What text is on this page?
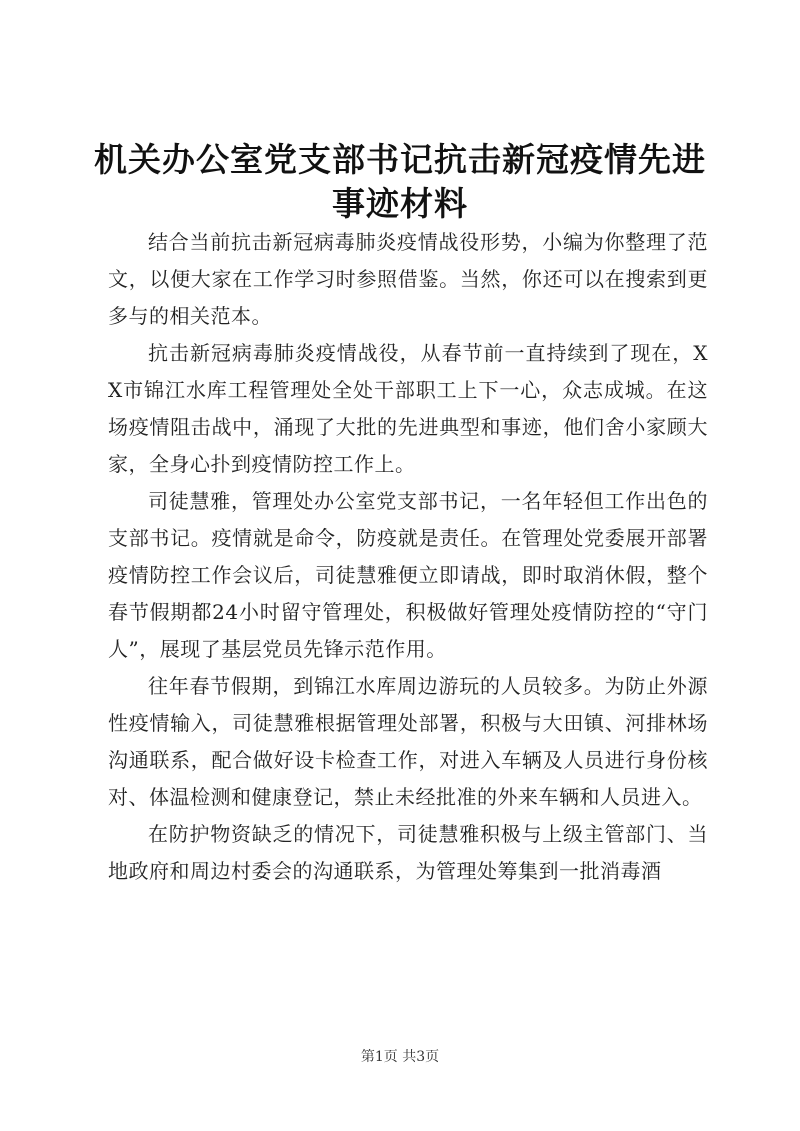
机关办公室党支部书记抗击新冠疫情先进事迹材料

结合当前抗击新冠病毒肺炎疫情战役形势，小编为你整理了范文，以便大家在工作学习时参照借鉴。当然，你还可以在搜索到更多与的相关范本。

抗击新冠病毒肺炎疫情战役，从春节前一直持续到了现在，XX市锦江水库工程管理处全处干部职工上下一心，众志成城。在这场疫情阻击战中，涌现了大批的先进典型和事迹，他们舍小家顾大家，全身心扑到疫情防控工作上。

司徒慧雅，管理处办公室党支部书记，一名年轻但工作出色的支部书记。疫情就是命令，防疫就是责任。在管理处党委展开部署疫情防控工作会议后，司徒慧雅便立即请战，即时取消休假，整个春节假期都24小时留守管理处，积极做好管理处疫情防控的“守门人”，展现了基层党员先锋示范作用。

往年春节假期，到锦江水库周边游玩的人员较多。为防止外源性疫情输入，司徒慧雅根据管理处部署，积极与大田镇、河排林场沟通联系，配合做好设卡检查工作，对进入车辆及人员进行身份核对、体温检测和健康登记，禁止未经批准的外来车辆和人员进入。

在防护物资缺乏的情况下，司徒慧雅积极与上级主管部门、当地政府和周边村委会的沟通联系，为管理处筹集到一批消毒酒

第1页 共3页
